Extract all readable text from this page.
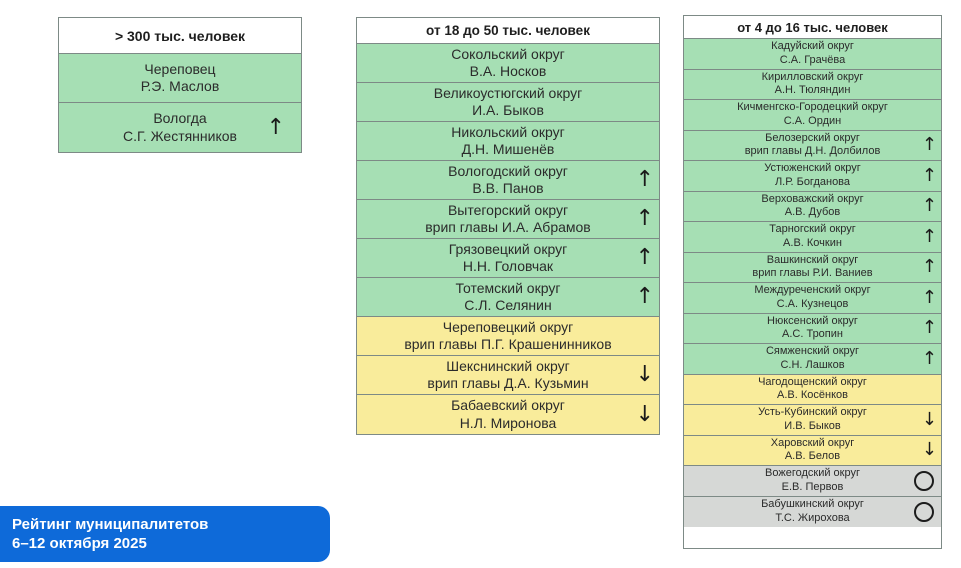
> 300 тыс. человек
Череповец
Р.Э. Маслов
Вологда
С.Г. Жестянников ↑
от 18 до 50 тыс. человек
Сокольский округ
В.А. Носков
Великоустюгский округ
И.А. Быков
Никольский округ
Д.Н. Мишенёв
Вологодский округ
В.В. Панов	↑
Вытегорский округ
врип главы И.А. Абрамов ↑
Грязовецкий округ
Н.Н. Головчак	↑
Тотемский округ
С.Л. Селянин	↑
Череповецкий округ
врип главы П.Г. Крашенинников
Шекснинский округ
врип главы Д.А. Кузьмин ↓
Бабаевский округ
Н.Л. Миронова	↓
от 4 до 16 тыс. человек
Кадуйский округ
С.А. Грачёва
Кирилловский округ
А.Н. Тюляндин
Кичменгско-Городецкий округ
С.А. Ордин
Белозерский округ
врип главы Д.Н. Долбилов ↑
Устюженский округ
Л.Р. Богданова	↑
Верховажский округ
А.В. Дубов	↑
Тарногский округ
А.В. Кочкин	↑
Вашкинский округ
врип главы Р.И. Ваниев	↑
Междуреченский округ
С.А. Кузнецов	↑
Нюксенский округ
А.С. Тропин	↑
Сямженский округ
С.Н. Лашков	↑
Чагодощенский округ
А.В. Косёнков
Усть-Кубинский округ
И.В. Быков	↓
Харовский округ
А.В. Белов	↓
Вожегодский округ
Е.В. Первов
Бабушкинский округ
Т.С. Жирохова
Рейтинг муниципалитетов
6–12 октября 2025
